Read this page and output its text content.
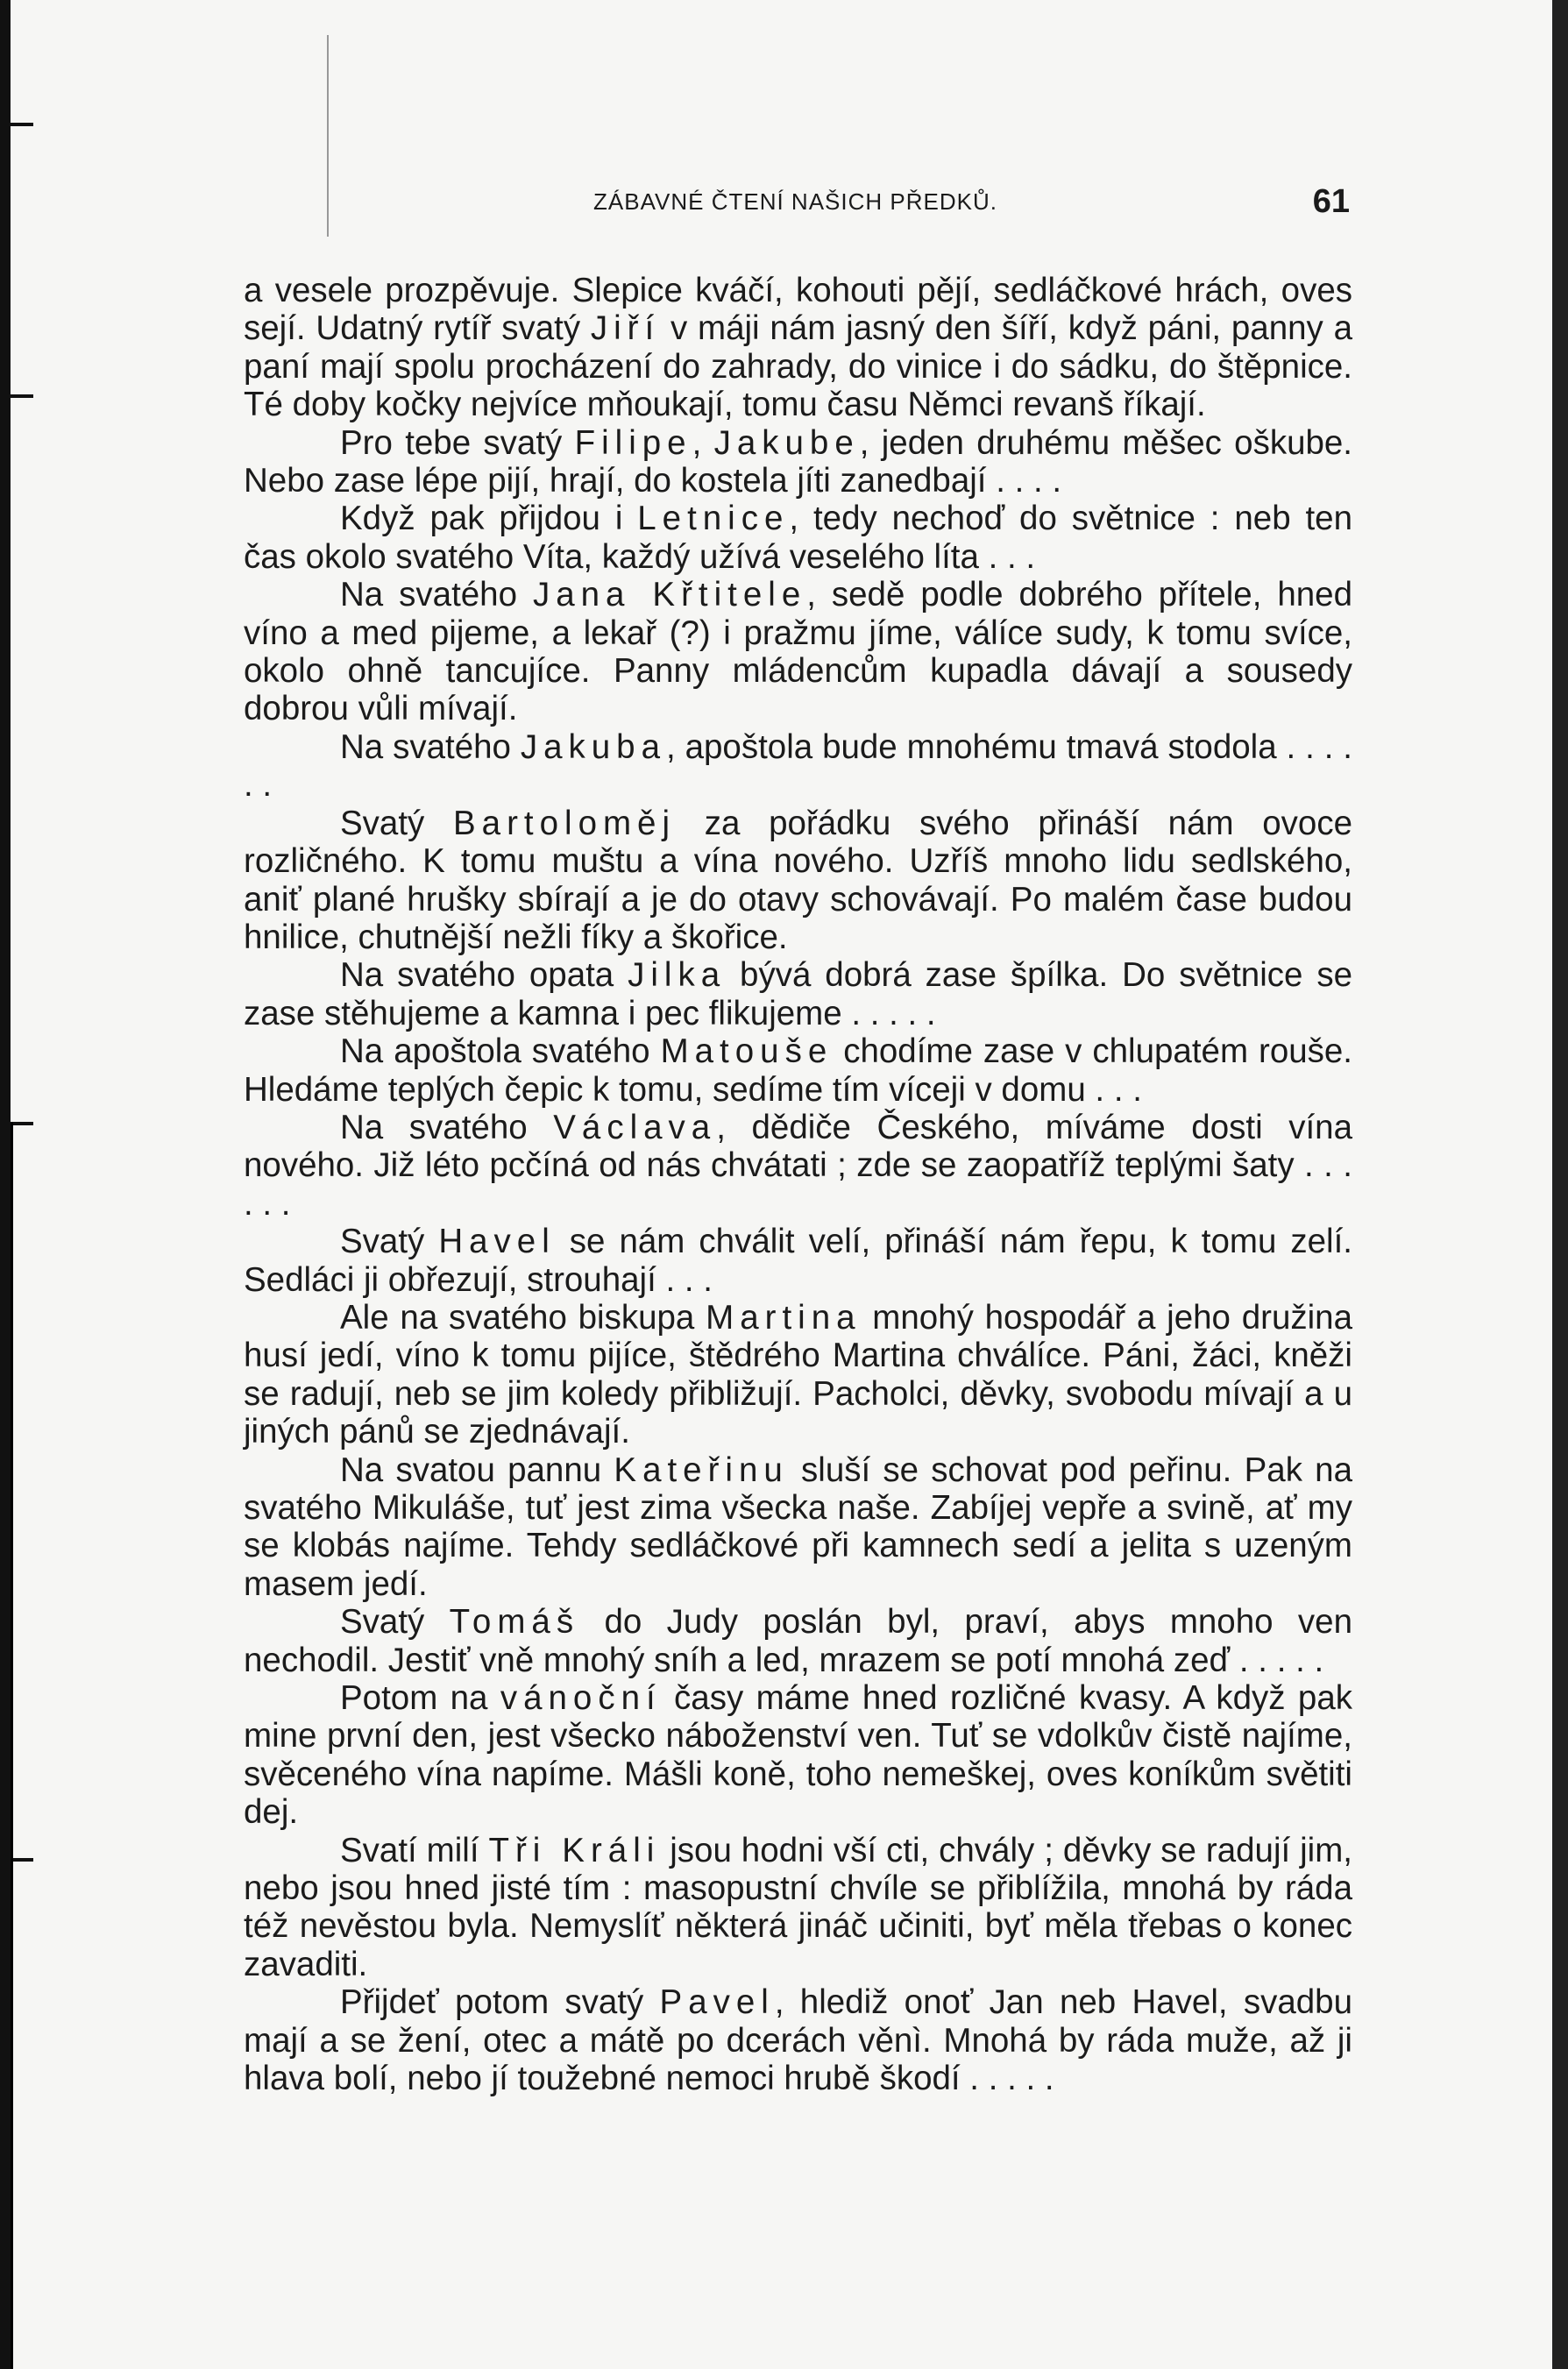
ZÁBAVNÉ ČTENÍ NAŠICH PŘEDKŮ.	61

a vesele prozpěvuje. Slepice kváčí, kohouti pějí, sedláčkové hrách, oves sejí. Udatný rytíř svatý Jiří v máji nám jasný den šíří, když páni, panny a paní mají spolu procházení do zahrady, do vinice i do sádku, do štěpnice. Té doby kočky nejvíce mňoukají, tomu času Němci revanš říkají.

Pro tebe svatý Filipe, Jakube, jeden druhému měšec oškube. Nebo zase lépe pijí, hrají, do kostela jíti zanedbají . . . .

Když pak přijdou i Letnice, tedy nechoď do světnice : neb ten čas okolo svatého Víta, každý užívá veselého líta . . .

Na svatého Jana Křtitele, sedě podle dobrého přítele, hned víno a med pijeme, a lekař (?) i pražmu jíme, válíce sudy, k tomu svíce, okolo ohně tancujíce. Panny mládencům kupadla dávají a sousedy dobrou vůli mívají.

Na svatého Jakuba, apoštola bude mnohému tmavá stodola . . . . . .

Svatý Bartoloměj za pořádku svého přináší nám ovoce rozličného. K tomu muštu a vína nového. Uzříš mnoho lidu sedlského, aniť plané hrušky sbírají a je do otavy schovávají. Po malém čase budou hnilice, chutnější nežli fíky a škořice.

Na svatého opata Jilka bývá dobrá zase špílka. Do světnice se zase stěhujeme a kamna i pec flikujeme . . . . .

Na apoštola svatého Matouše chodíme zase v chlupatém rouše. Hledáme teplých čepic k tomu, sedíme tím víceji v domu . . .

Na svatého Václava, dědiče Českého, míváme dosti vína nového. Již léto pcčíná od nás chvátati ; zde se zaopatříž teplými šaty . . . . . .

Svatý Havel se nám chválit velí, přináší nám řepu, k tomu zelí. Sedláci ji obřezují, strouhají . . .

Ale na svatého biskupa Martina mnohý hospodář a jeho družina husí jedí, víno k tomu pijíce, štědrého Martina chválíce. Páni, žáci, kněži se radují, neb se jim koledy přibližují. Pacholci, děvky, svobodu mívají a u jiných pánů se zjednávají.

Na svatou pannu Kateřinu sluší se schovat pod peřinu. Pak na svatého Mikuláše, tuť jest zima všecka naše. Zabíjej vepře a svině, ať my se klobás najíme. Tehdy sedláčkové při kamnech sedí a jelita s uzeným masem jedí.

Svatý Tomáš do Judy poslán byl, praví, abys mnoho ven nechodil. Jestiť vně mnohý sníh a led, mrazem se potí mnohá zeď . . . . .

Potom na vánoční časy máme hned rozličné kvasy. A když pak mine první den, jest všecko náboženství ven. Tuť se vdolkův čistě najíme, svěceného vína napíme. Mášli koně, toho nemeškej, oves koníkům světiti dej.

Svatí milí Tři Králi jsou hodni vší cti, chvály ; děvky se radují jim, nebo jsou hned jisté tím : masopustní chvíle se přiblížila, mnohá by ráda též nevěstou byla. Nemyslíť některá jináč učiniti, byť měla třebas o konec zavaditi.

Přijdeť potom svatý Pavel, hlediž onoť Jan neb Havel, svadbu mají a se žení, otec a mátě po dcerách věnì. Mnohá by ráda muže, až ji hlava bolí, nebo jí toužebné nemoci hrubě škodí . . . . .
